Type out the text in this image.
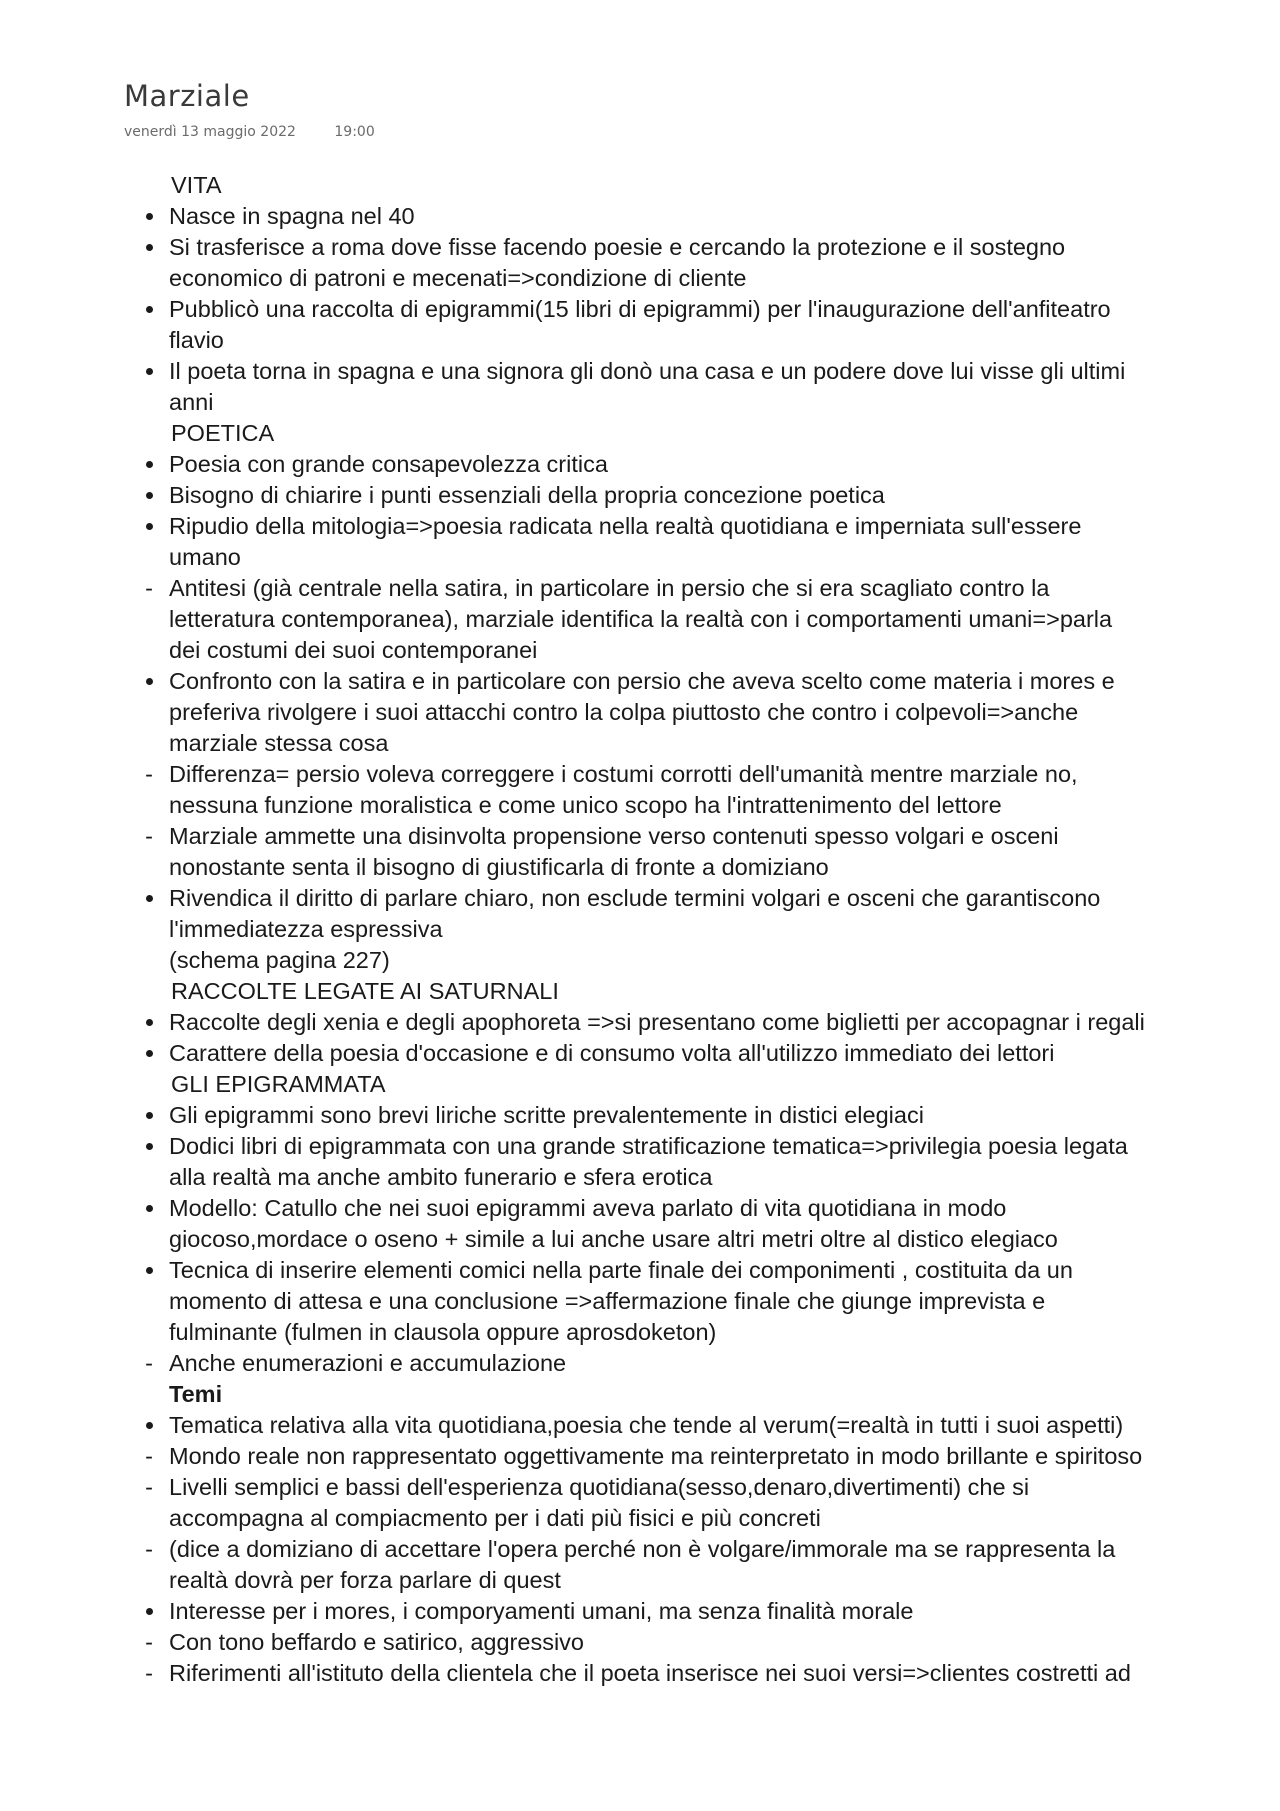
Marziale
venerdì 13 maggio 2022	19:00
VITA
Nasce in spagna nel 40
Si trasferisce a roma dove fisse facendo poesie e cercando la protezione e il sostegno
economico di patroni e mecenati=>condizione di cliente
Pubblicò una raccolta di epigrammi(15 libri di epigrammi) per l'inaugurazione dell'anfiteatro
flavio
Il poeta torna in spagna e una signora gli donò una casa e un podere dove lui visse gli ultimi
anni
POETICA
Poesia con grande consapevolezza critica
Bisogno di chiarire i punti essenziali della propria concezione poetica
Ripudio della mitologia=>poesia radicata nella realtà quotidiana e imperniata sull'essere
umano
-
Antitesi (già centrale nella satira, in particolare in persio che si era scagliato contro la
letteratura contemporanea), marziale identifica la realtà con i comportamenti umani=>parla
dei costumi dei suoi contemporanei
Confronto con la satira e in particolare con persio che aveva scelto come materia i mores e
preferiva rivolgere i suoi attacchi contro la colpa piuttosto che contro i colpevoli=>anche
marziale stessa cosa
-
Differenza= persio voleva correggere i costumi corrotti dell'umanità mentre marziale no,
nessuna funzione moralistica e come unico scopo ha l'intrattenimento del lettore
-
Marziale ammette una disinvolta propensione verso contenuti spesso volgari e osceni
nonostante senta il bisogno di giustificarla di fronte a domiziano
Rivendica il diritto di parlare chiaro, non esclude termini volgari e osceni che garantiscono
l'immediatezza espressiva
(schema pagina 227)
RACCOLTE LEGATE AI SATURNALI
Raccolte degli xenia e degli apophoreta =>si presentano come biglietti per accopagnar i regali
Carattere della poesia d'occasione e di consumo volta all'utilizzo immediato dei lettori
GLI EPIGRAMMATA
Gli epigrammi sono brevi liriche scritte prevalentemente in distici elegiaci
Dodici libri di epigrammata con una grande stratificazione tematica=>privilegia poesia legata
alla realtà ma anche ambito funerario e sfera erotica
Modello: Catullo che nei suoi epigrammi aveva parlato di vita quotidiana in modo
giocoso,mordace o oseno + simile a lui anche usare altri metri oltre al distico elegiaco
Tecnica di inserire elementi comici nella parte finale dei componimenti , costituita da un
momento di attesa e una conclusione =>affermazione finale che giunge imprevista e
fulminante (fulmen in clausola oppure aprosdoketon)
-
Anche enumerazioni e accumulazione
Temi
Tematica relativa alla vita quotidiana,poesia che tende al verum(=realtà in tutti i suoi aspetti)
-
Mondo reale non rappresentato oggettivamente ma reinterpretato in modo brillante e spiritoso
-
Livelli semplici e bassi dell'esperienza quotidiana(sesso,denaro,divertimenti) che si
accompagna al compiacmento per i dati più fisici e più concreti
-
(dice a domiziano di accettare l'opera perché non è volgare/immorale ma se rappresenta la
realtà dovrà per forza parlare di quest
Interesse per i mores, i comporyamenti umani, ma senza finalità morale
-
Con tono beffardo e satirico, aggressivo
-
Riferimenti all'istituto della clientela che il poeta inserisce nei suoi versi=>clientes costretti ad
